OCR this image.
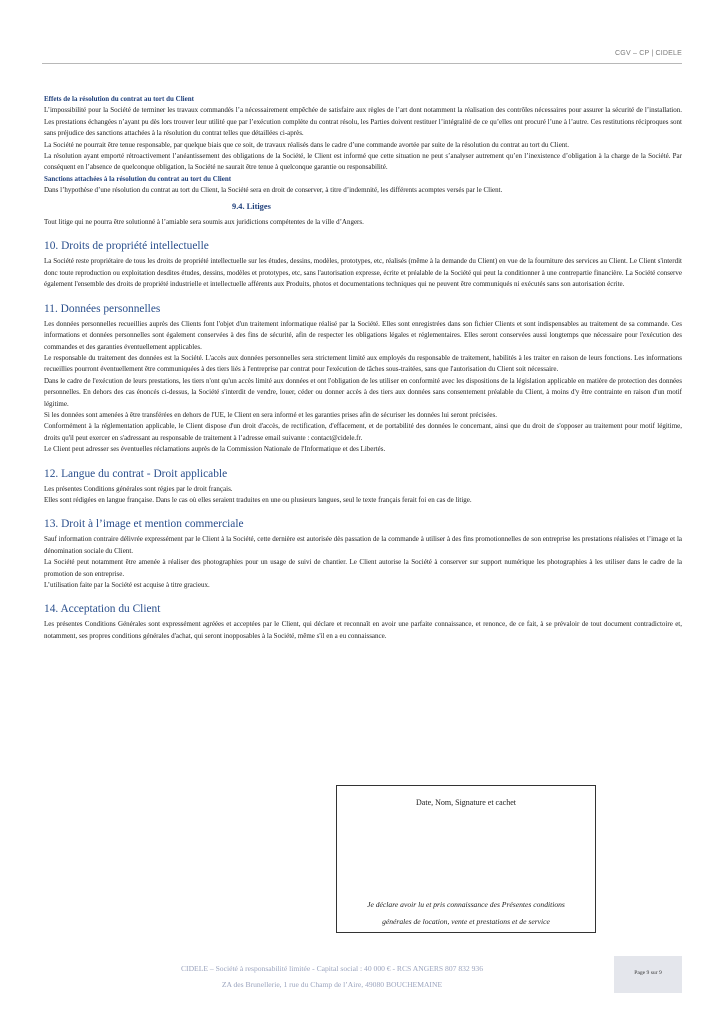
CGV – CP | CIDELE

Effets de la résolution du contrat au tort du Client

L’impossibilité pour la Société de terminer les travaux commandés l’a nécessairement empêchée de satisfaire aux règles de l’art dont notamment la réalisation des contrôles nécessaires pour assurer la sécurité de l’installation. Les prestations échangées n’ayant pu dès lors trouver leur utilité que par l’exécution complète du contrat résolu, les Parties doivent restituer l’intégralité de ce qu’elles ont procuré l’une à l’autre. Ces restitutions réciproques sont sans préjudice des sanctions attachées à la résolution du contrat telles que détaillées ci-après.

La Société ne pourrait être tenue responsable, par quelque biais que ce soit, de travaux réalisés dans le cadre d’une commande avortée par suite de la résolution du contrat au tort du Client.

La résolution ayant emporté rétroactivement l’anéantissement des obligations de la Société, le Client est informé que cette situation ne peut s’analyser autrement qu’en l’inexistence d’obligation à la charge de la Société. Par conséquent en l’absence de quelconque obligation, la Société ne saurait être tenue à quelconque garantie ou responsabilité.

Sanctions attachées à la résolution du contrat au tort du Client

Dans l’hypothèse d’une résolution du contrat au tort du Client, la Société sera en droit de conserver, à titre d’indemnité, les différents acomptes versés par le Client.

9.4. Litiges

Tout litige qui ne pourra être solutionné à l’amiable sera soumis aux juridictions compétentes de la ville d’Angers.

10. Droits de propriété intellectuelle

La Société reste propriétaire de tous les droits de propriété intellectuelle sur les études, dessins, modèles, prototypes, etc, réalisés (même à la demande du Client) en vue de la fourniture des services au Client. Le Client s'interdit donc toute reproduction ou exploitation desdites études, dessins, modèles et prototypes, etc, sans l'autorisation expresse, écrite et préalable de la Société qui peut la conditionner à une contrepartie financière. La Société conserve également l'ensemble des droits de propriété industrielle et intellectuelle afférents aux Produits, photos et documentations techniques qui ne peuvent être communiqués ni exécutés sans son autorisation écrite.

11. Données personnelles

Les données personnelles recueillies auprès des Clients font l'objet d'un traitement informatique réalisé par la Société. Elles sont enregistrées dans son fichier Clients et sont indispensables au traitement de sa commande. Ces informations et données personnelles sont également conservées à des fins de sécurité, afin de respecter les obligations légales et réglementaires. Elles seront conservées aussi longtemps que nécessaire pour l'exécution des commandes et des garanties éventuellement applicables.

Le responsable du traitement des données est la Société. L'accès aux données personnelles sera strictement limité aux employés du responsable de traitement, habilités à les traiter en raison de leurs fonctions. Les informations recueillies pourront éventuellement être communiquées à des tiers liés à l'entreprise par contrat pour l'exécution de tâches sous-traitées, sans que l'autorisation du Client soit nécessaire.

Dans le cadre de l'exécution de leurs prestations, les tiers n'ont qu'un accès limité aux données et ont l'obligation de les utiliser en conformité avec les dispositions de la législation applicable en matière de protection des données personnelles. En dehors des cas énoncés ci-dessus, la Société s'interdit de vendre, louer, céder ou donner accès à des tiers aux données sans consentement préalable du Client, à moins d'y être contrainte en raison d'un motif légitime.

Si les données sont amenées à être transférées en dehors de l'UE, le Client en sera informé et les garanties prises afin de sécuriser les données lui seront précisées.

Conformément à la réglementation applicable, le Client dispose d'un droit d'accès, de rectification, d'effacement, et de portabilité des données le concernant, ainsi que du droit de s'opposer au traitement pour motif légitime, droits qu'il peut exercer en s'adressant au responsable de traitement à l’adresse email suivante : contact@cidele.fr.

Le Client peut adresser ses éventuelles réclamations auprès de la Commission Nationale de l'Informatique et des Libertés.

12. Langue du contrat - Droit applicable

Les présentes Conditions générales sont régies par le droit français.

Elles sont rédigées en langue française. Dans le cas où elles seraient traduites en une ou plusieurs langues, seul le texte français ferait foi en cas de litige.

13. Droit à l’image et mention commerciale

Sauf information contraire délivrée expressément par le Client à la Société, cette dernière est autorisée dès passation de la commande à utiliser à des fins promotionnelles de son entreprise les prestations réalisées et l’image et la dénomination sociale du Client.

La Société peut notamment être amenée à réaliser des photographies pour un usage de suivi de chantier. Le Client autorise la Société à conserver sur support numérique les photographies à les utiliser dans le cadre de la promotion de son entreprise.

L’utilisation faite par la Société est acquise à titre gracieux.

14. Acceptation du Client

Les présentes Conditions Générales sont expressément agréées et acceptées par le Client, qui déclare et reconnaît en avoir une parfaite connaissance, et renonce, de ce fait, à se prévaloir de tout document contradictoire et, notamment, ses propres conditions générales d'achat, qui seront inopposables à la Société, même s'il en a eu connaissance.

Date, Nom, Signature et cachet
Je déclare avoir lu et pris connaissance des Présentes conditions
générales de location, vente et prestations et de service
CIDELE – Société à responsabilité limitée - Capital social : 40 000 € - RCS ANGERS 807 832 936
ZA des Brunellerie, 1 rue du Champ de l’Aire, 49080 BOUCHEMAINE
Page 9 sur 9
